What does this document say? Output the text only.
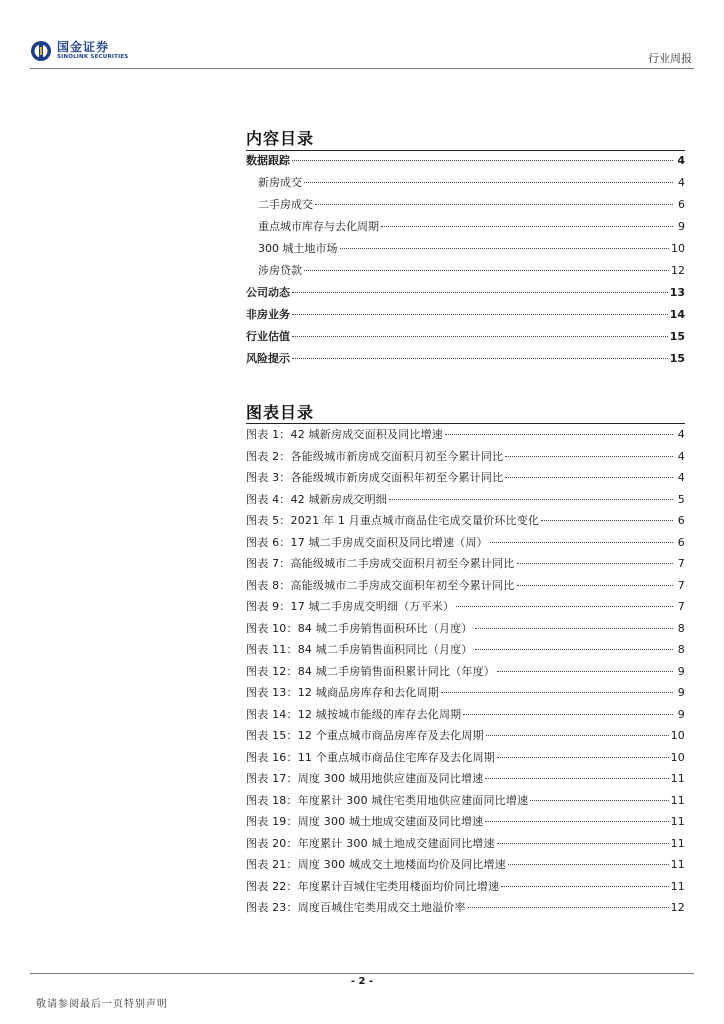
国金证券
SINOLINK SECURITIES	行业周报
内容目录
数据跟踪	4
新房成交	4
二手房成交	6
重点城市库存与去化周期	9
300 城土地市场	10
涉房贷款	12
公司动态	13
非房业务	14
行业估值	15
风险提示	15
图表目录
图表 1：42 城新房成交面积及同比增速	4
图表 2：各能级城市新房成交面积月初至今累计同比	4
图表 3：各能级城市新房成交面积年初至今累计同比	4
图表 4：42 城新房成交明细	5
图表 5：2021 年 1 月重点城市商品住宅成交量价环比变化	6
图表 6：17 城二手房成交面积及同比增速（周）	6
图表 7：高能级城市二手房成交面积月初至今累计同比	7
图表 8：高能级城市二手房成交面积年初至今累计同比	7
图表 9：17 城二手房成交明细（万平米）	7
图表 10：84 城二手房销售面积环比（月度）	8
图表 11：84 城二手房销售面积同比（月度）	8
图表 12：84 城二手房销售面积累计同比（年度）	9
图表 13：12 城商品房库存和去化周期	9
图表 14：12 城按城市能级的库存去化周期	9
图表 15：12 个重点城市商品房库存及去化周期	10
图表 16：11 个重点城市商品住宅库存及去化周期	10
图表 17：周度 300 城用地供应建面及同比增速	11
图表 18：年度累计 300 城住宅类用地供应建面同比增速	11
图表 19：周度 300 城土地成交建面及同比增速	11
图表 20：年度累计 300 城土地成交建面同比增速	11
图表 21：周度 300 城成交土地楼面均价及同比增速	11
图表 22：年度累计百城住宅类用楼面均价同比增速	11
图表 23：周度百城住宅类用成交土地溢价率	12
- 2 -
敬请参阅最后一页特别声明
